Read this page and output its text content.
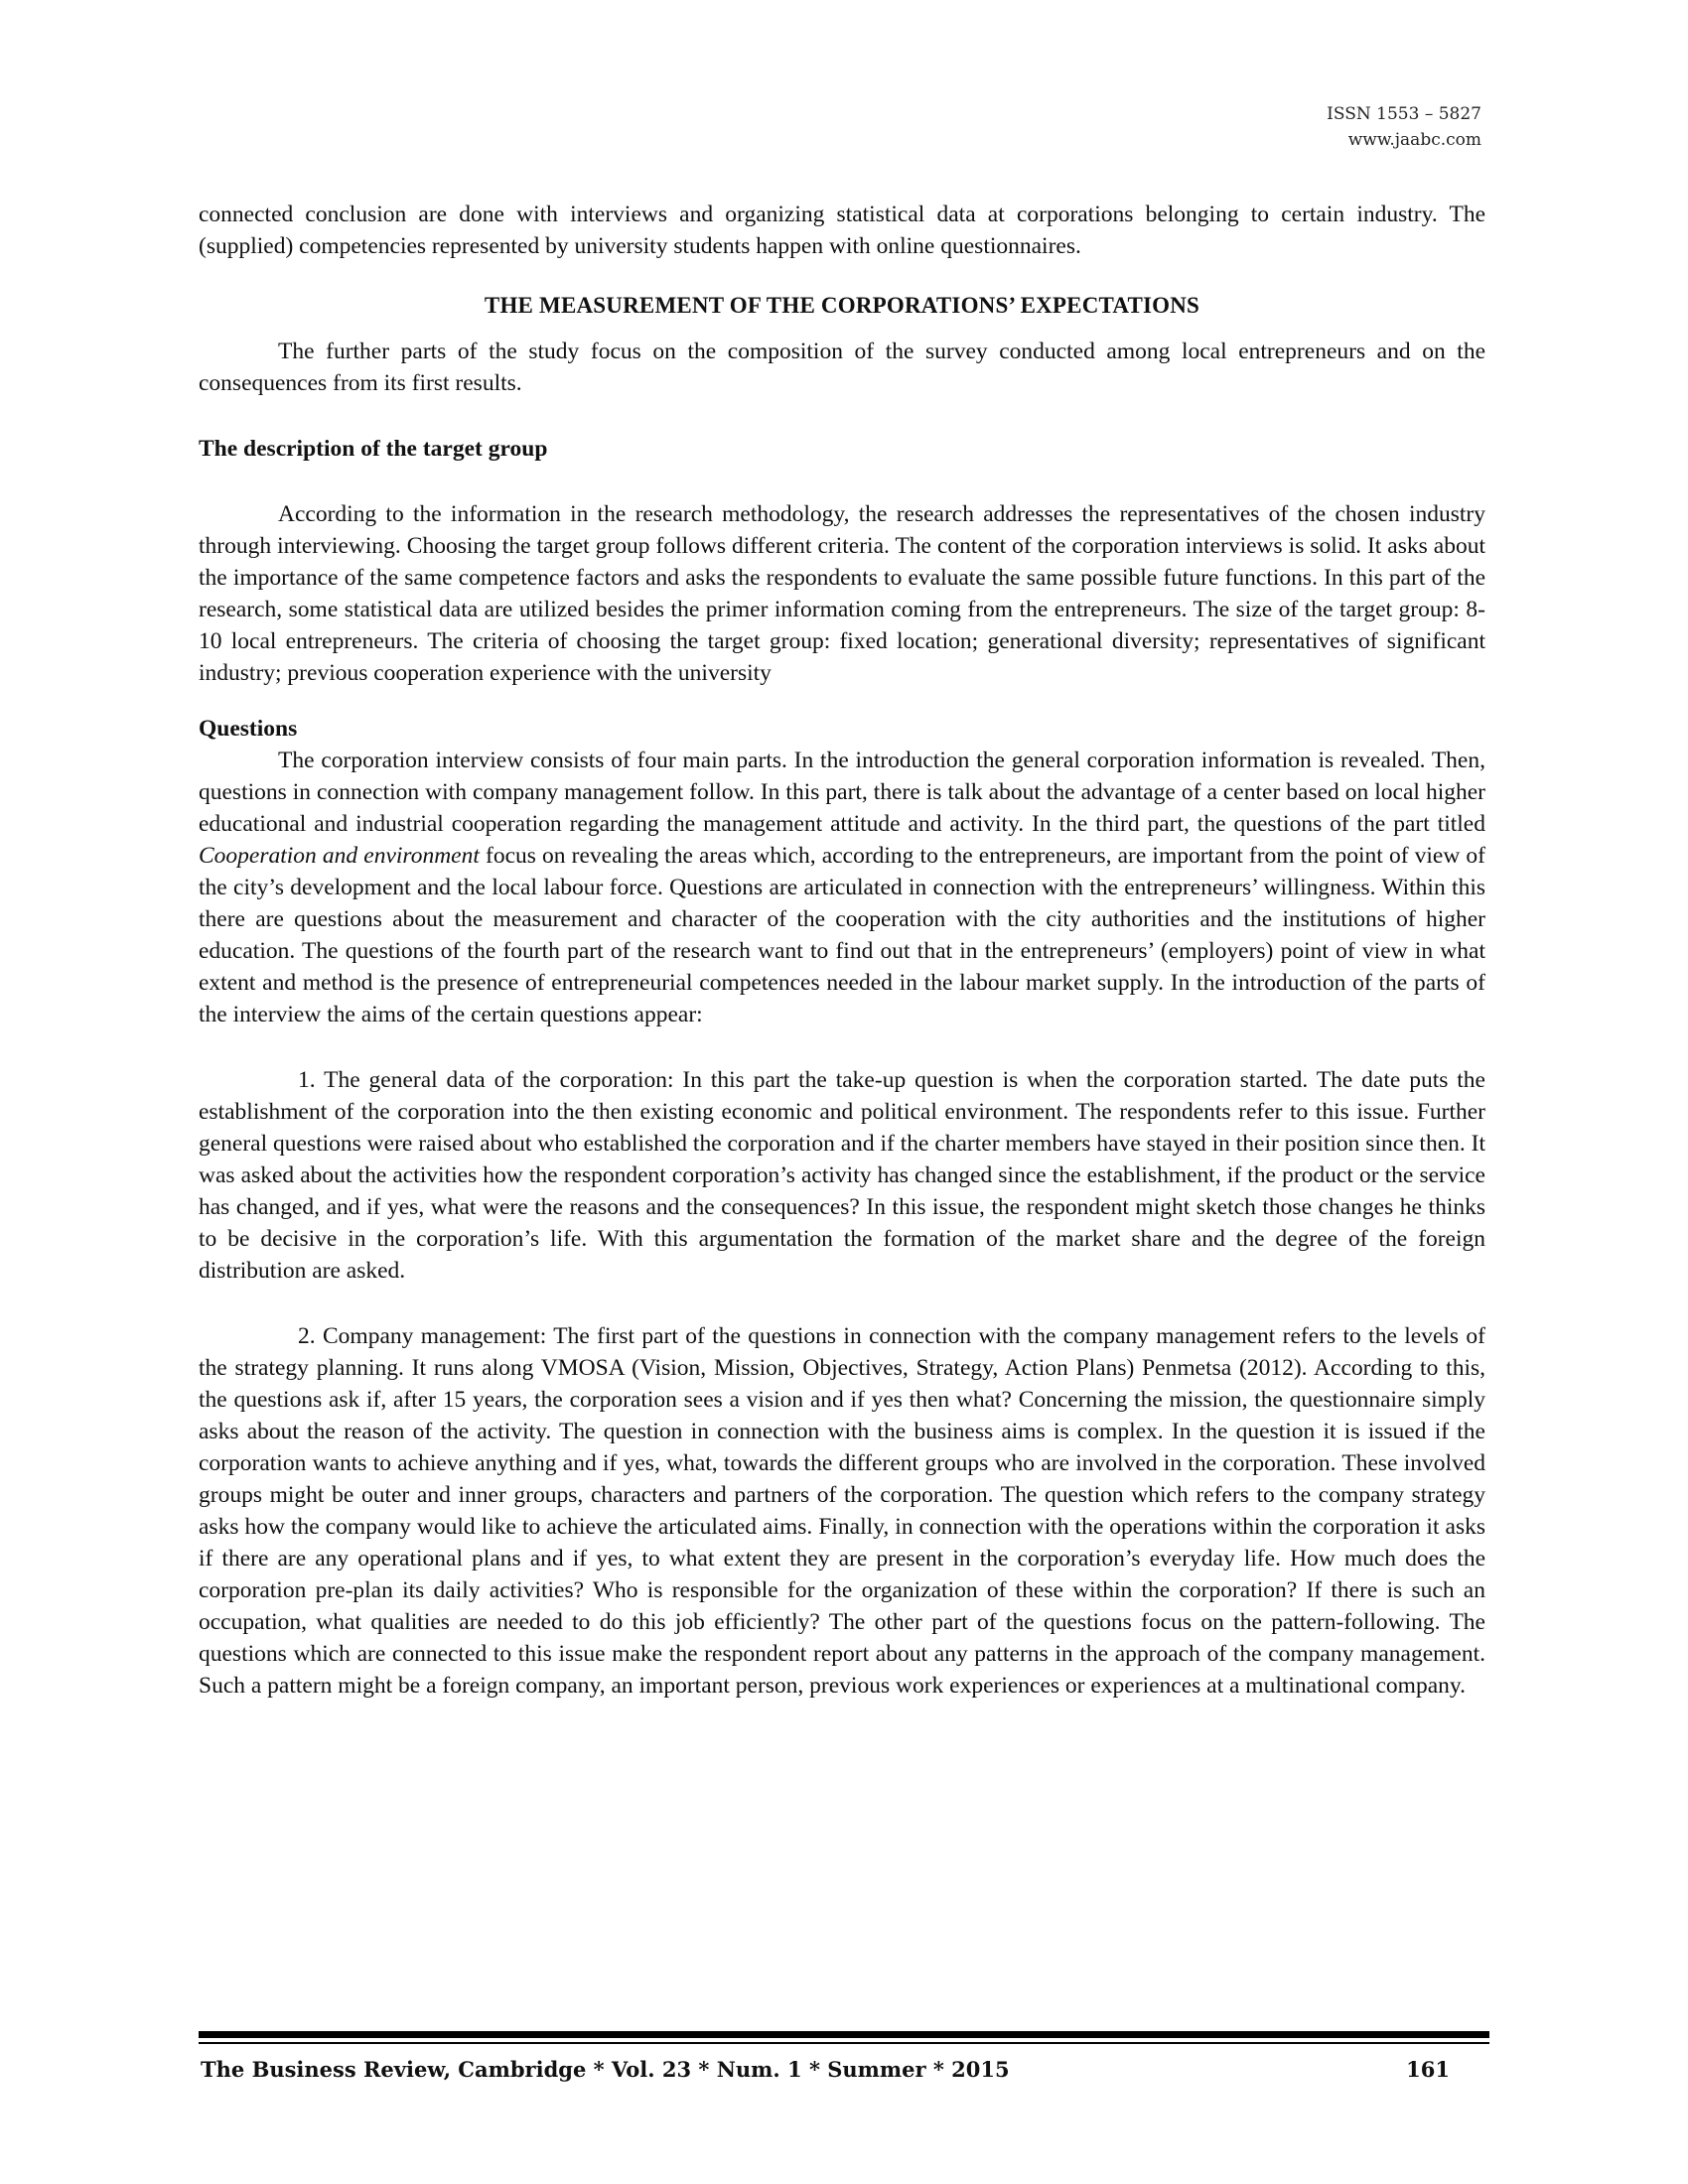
ISSN 1553 – 5827
www.jaabc.com

connected conclusion are done with interviews and organizing statistical data at corporations belonging to certain industry. The (supplied) competencies represented by university students happen with online questionnaires.

THE MEASUREMENT OF THE CORPORATIONS’ EXPECTATIONS

The further parts of the study focus on the composition of the survey conducted among local entrepreneurs and on the consequences from its first results.

The description of the target group

According to the information in the research methodology, the research addresses the representatives of the chosen industry through interviewing. Choosing the target group follows different criteria. The content of the corporation interviews is solid. It asks about the importance of the same competence factors and asks the respondents to evaluate the same possible future functions. In this part of the research, some statistical data are utilized besides the primer information coming from the entrepreneurs. The size of the target group: 8-10 local entrepreneurs. The criteria of choosing the target group: fixed location; generational diversity; representatives of significant industry; previous cooperation experience with the university

Questions

The corporation interview consists of four main parts. In the introduction the general corporation information is revealed. Then, questions in connection with company management follow. In this part, there is talk about the advantage of a center based on local higher educational and industrial cooperation regarding the management attitude and activity. In the third part, the questions of the part titled Cooperation and environment focus on revealing the areas which, according to the entrepreneurs, are important from the point of view of the city’s development and the local labour force. Questions are articulated in connection with the entrepreneurs’ willingness. Within this there are questions about the measurement and character of the cooperation with the city authorities and the institutions of higher education. The questions of the fourth part of the research want to find out that in the entrepreneurs’ (employers) point of view in what extent and method is the presence of entrepreneurial competences needed in the labour market supply. In the introduction of the parts of the interview the aims of the certain questions appear:

1. The general data of the corporation: In this part the take-up question is when the corporation started. The date puts the establishment of the corporation into the then existing economic and political environment. The respondents refer to this issue. Further general questions were raised about who established the corporation and if the charter members have stayed in their position since then. It was asked about the activities how the respondent corporation’s activity has changed since the establishment, if the product or the service has changed, and if yes, what were the reasons and the consequences? In this issue, the respondent might sketch those changes he thinks to be decisive in the corporation’s life. With this argumentation the formation of the market share and the degree of the foreign distribution are asked.

2. Company management: The first part of the questions in connection with the company management refers to the levels of the strategy planning. It runs along VMOSA (Vision, Mission, Objectives, Strategy, Action Plans) Penmetsa (2012). According to this, the questions ask if, after 15 years, the corporation sees a vision and if yes then what? Concerning the mission, the questionnaire simply asks about the reason of the activity. The question in connection with the business aims is complex. In the question it is issued if the corporation wants to achieve anything and if yes, what, towards the different groups who are involved in the corporation. These involved groups might be outer and inner groups, characters and partners of the corporation. The question which refers to the company strategy asks how the company would like to achieve the articulated aims. Finally, in connection with the operations within the corporation it asks if there are any operational plans and if yes, to what extent they are present in the corporation’s everyday life. How much does the corporation pre-plan its daily activities? Who is responsible for the organization of these within the corporation? If there is such an occupation, what qualities are needed to do this job efficiently? The other part of the questions focus on the pattern-following. The questions which are connected to this issue make the respondent report about any patterns in the approach of the company management. Such a pattern might be a foreign company, an important person, previous work experiences or experiences at a multinational company.

The Business Review, Cambridge * Vol. 23 * Num. 1 * Summer * 2015	161
